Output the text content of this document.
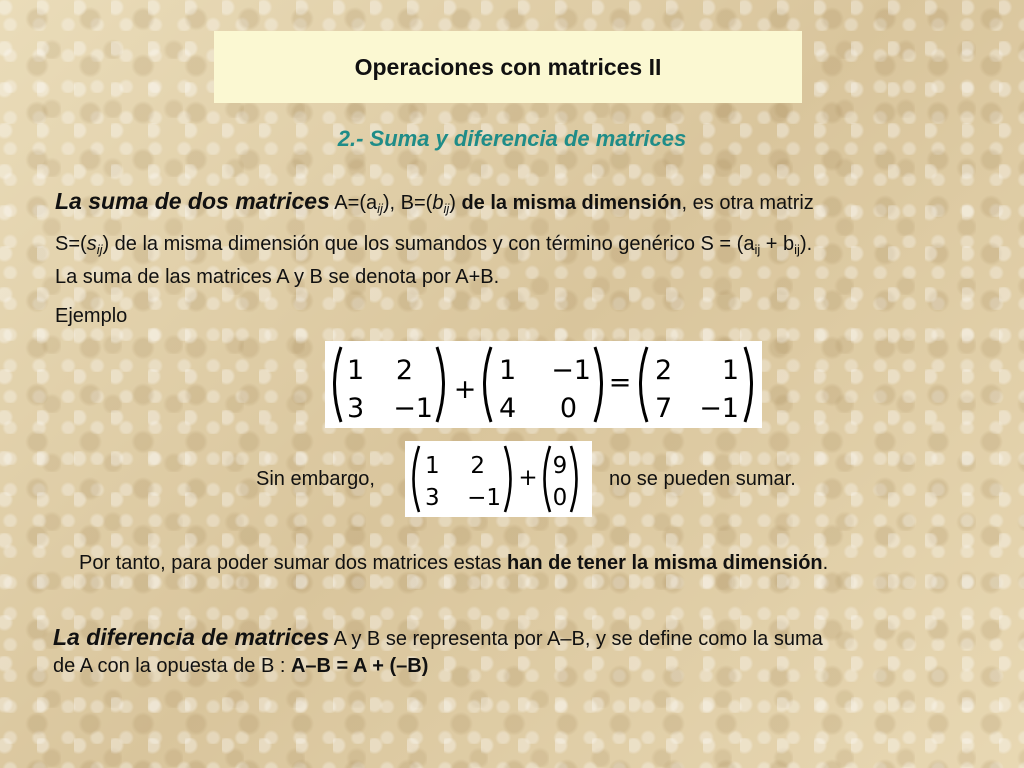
Operaciones con matrices II
2.- Suma y diferencia de matrices
La suma de dos matrices $A=(a_{ij})$, $B=(b_{ij})$ de la misma dimensión, es otra matriz
$S=(s_{ij})$ de la misma dimensión que los sumandos y con término genérico $S = (a_{ij} + b_{ij})$.
La suma de las matrices A y B se denota por A+B.
Ejemplo
1 2
3 −1
+
1 −1
4 0
= 2 1
7 −1
Sin embargo, 1 2
3 −1
+ 9
0
no se pueden sumar.
Por tanto, para poder sumar dos matrices estas han de tener la misma dimensión.
La diferencia de matrices A y B se representa por A–B, y se define como la suma
de A con la opuesta de B : A–B = A + (–B)
